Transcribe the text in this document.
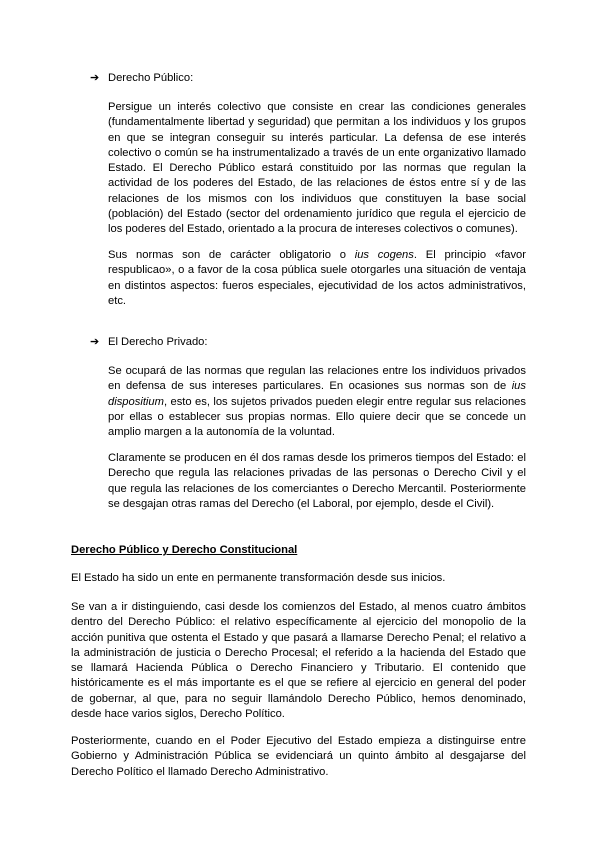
➔ Derecho Público:

Persigue un interés colectivo que consiste en crear las condiciones generales (fundamentalmente libertad y seguridad) que permitan a los individuos y los grupos en que se integran conseguir su interés particular. La defensa de ese interés colectivo o común se ha instrumentalizado a través de un ente organizativo llamado Estado. El Derecho Público estará constituido por las normas que regulan la actividad de los poderes del Estado, de las relaciones de éstos entre sí y de las relaciones de los mismos con los individuos que constituyen la base social (población) del Estado (sector del ordenamiento jurídico que regula el ejercicio de los poderes del Estado, orientado a la procura de intereses colectivos o comunes).

Sus normas son de carácter obligatorio o ius cogens. El principio «favor respublicao», o a favor de la cosa pública suele otorgarles una situación de ventaja en distintos aspectos: fueros especiales, ejecutividad de los actos administrativos, etc.

➔ El Derecho Privado:

Se ocupará de las normas que regulan las relaciones entre los individuos privados en defensa de sus intereses particulares. En ocasiones sus normas son de ius dispositium, esto es, los sujetos privados pueden elegir entre regular sus relaciones por ellas o establecer sus propias normas. Ello quiere decir que se concede un amplio margen a la autonomía de la voluntad.

Claramente se producen en él dos ramas desde los primeros tiempos del Estado: el Derecho que regula las relaciones privadas de las personas o Derecho Civil y el que regula las relaciones de los comerciantes o Derecho Mercantil. Posteriormente se desgajan otras ramas del Derecho (el Laboral, por ejemplo, desde el Civil).

Derecho Público y Derecho Constitucional

El Estado ha sido un ente en permanente transformación desde sus inicios.

Se van a ir distinguiendo, casi desde los comienzos del Estado, al menos cuatro ámbitos dentro del Derecho Público: el relativo específicamente al ejercicio del monopolio de la acción punitiva que ostenta el Estado y que pasará a llamarse Derecho Penal; el relativo a la administración de justicia o Derecho Procesal; el referido a la hacienda del Estado que se llamará Hacienda Pública o Derecho Financiero y Tributario. El contenido que históricamente es el más importante es el que se refiere al ejercicio en general del poder de gobernar, al que, para no seguir llamándolo Derecho Público, hemos denominado, desde hace varios siglos, Derecho Político.

Posteriormente, cuando en el Poder Ejecutivo del Estado empieza a distinguirse entre Gobierno y Administración Pública se evidenciará un quinto ámbito al desgajarse del Derecho Político el llamado Derecho Administrativo.
